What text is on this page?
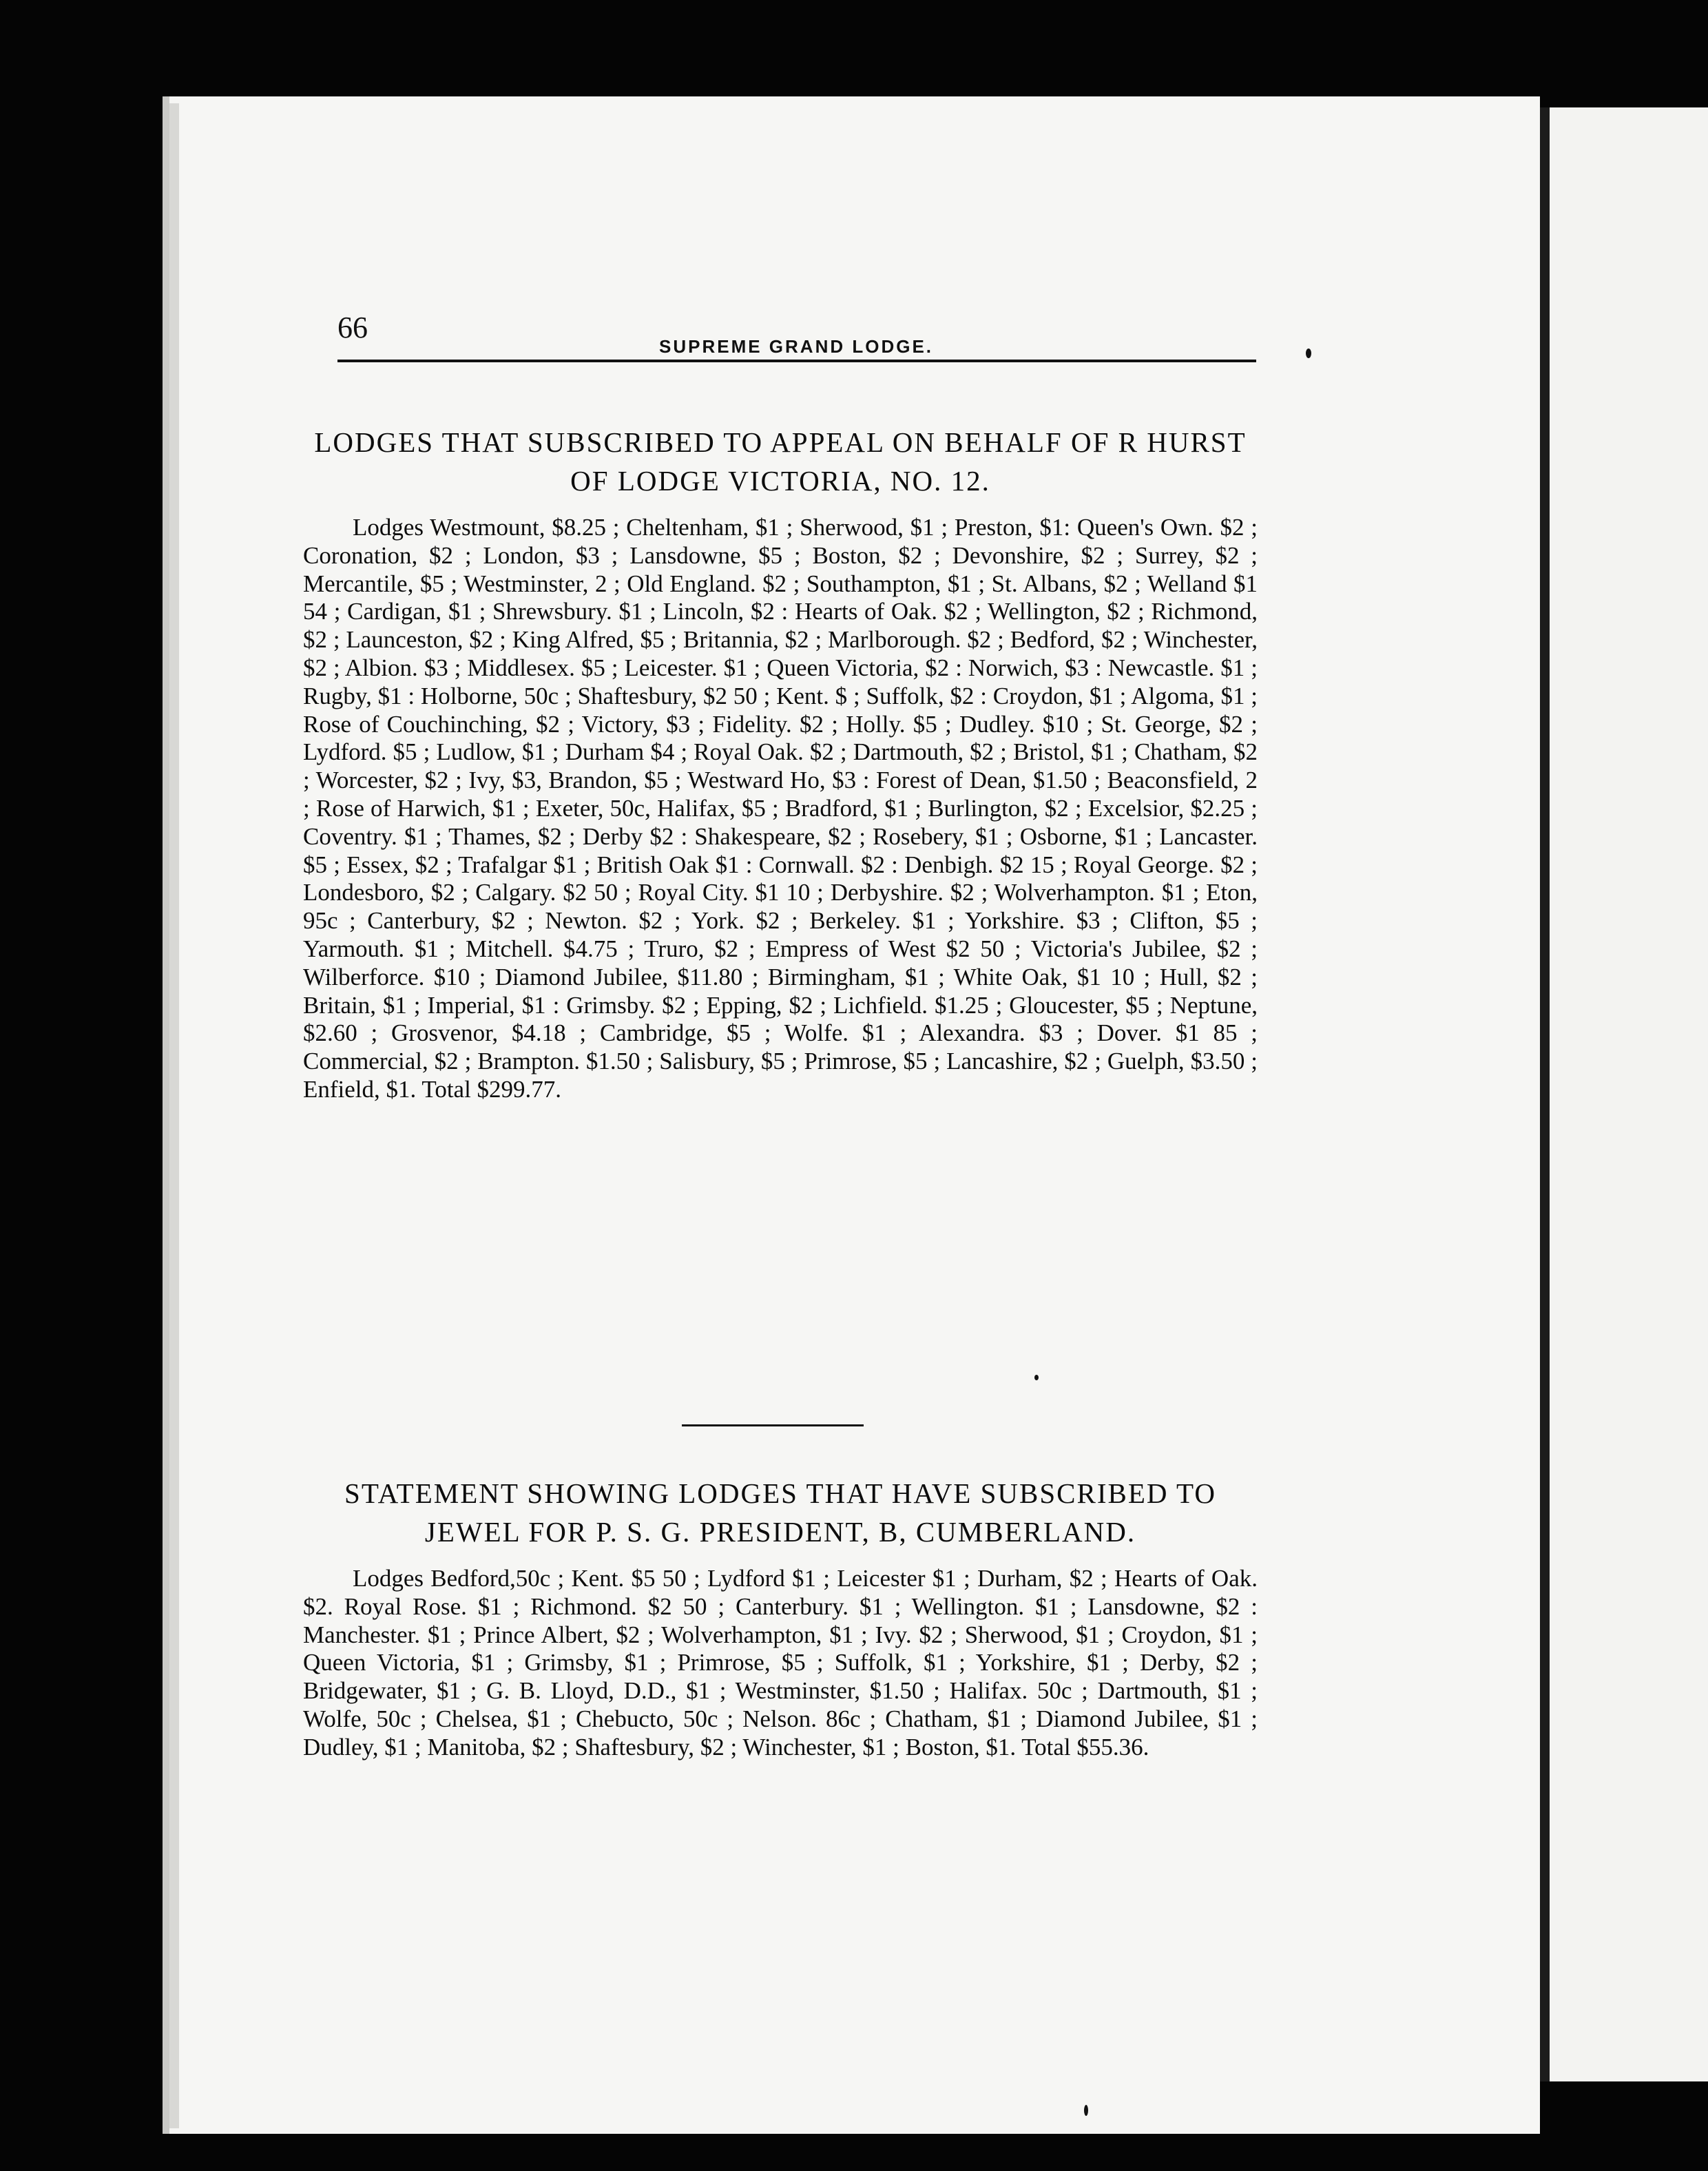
66
SUPREME GRAND LODGE.
LODGES THAT SUBSCRIBED TO APPEAL ON BEHALF OF R HURST OF LODGE VICTORIA, NO. 12.

Lodges Westmount, $8.25 ; Cheltenham, $1 ; Sherwood, $1 ; Preston, $1: Queen's Own. $2 ; Coronation, $2 ; London, $3 ; Lansdowne, $5 ; Boston, $2 ; Devonshire, $2 ; Surrey, $2 ; Mercantile, $5 ; Westminster, 2 ; Old England. $2 ; Southampton, $1 ; St. Albans, $2 ; Welland $1 54 ; Cardigan, $1 ; Shrewsbury. $1 ; Lincoln, $2 : Hearts of Oak. $2 ; Wellington, $2 ; Richmond, $2 ; Launceston, $2 ; King Alfred, $5 ; Britannia, $2 ; Marlborough. $2 ; Bedford, $2 ; Winchester, $2 ; Albion. $3 ; Middlesex. $5 ; Leicester. $1 ; Queen Victoria, $2 : Norwich, $3 : Newcastle. $1 ; Rugby, $1 : Holborne, 50c ; Shaftesbury, $2 50 ; Kent. $ ; Suffolk, $2 : Croydon, $1 ; Algoma, $1 ; Rose of Couchinching, $2 ; Victory, $3 ; Fidelity. $2 ; Holly. $5 ; Dudley. $10 ; St. George, $2 ; Lydford. $5 ; Ludlow, $1 ; Durham $4 ; Royal Oak. $2 ; Dartmouth, $2 ; Bristol, $1 ; Chatham, $2 ; Worcester, $2 ; Ivy, $3, Brandon, $5 ; Westward Ho, $3 : Forest of Dean, $1.50 ; Beaconsfield, 2 ; Rose of Harwich, $1 ; Exeter, 50c, Halifax, $5 ; Bradford, $1 ; Burlington, $2 ; Excelsior, $2.25 ; Coventry. $1 ; Thames, $2 ; Derby $2 : Shakespeare, $2 ; Rosebery, $1 ; Osborne, $1 ; Lancaster. $5 ; Essex, $2 ; Trafalgar $1 ; British Oak $1 : Cornwall. $2 : Denbigh. $2 15 ; Royal George. $2 ; Londesboro, $2 ; Calgary. $2 50 ; Royal City. $1 10 ; Derbyshire. $2 ; Wolverhampton. $1 ; Eton, 95c ; Canterbury, $2 ; Newton. $2 ; York. $2 ; Berkeley. $1 ; Yorkshire. $3 ; Clifton, $5 ; Yarmouth. $1 ; Mitchell. $4.75 ; Truro, $2 ; Empress of West $2 50 ; Victoria's Jubilee, $2 ; Wilberforce. $10 ; Diamond Jubilee, $11.80 ; Birmingham, $1 ; White Oak, $1 10 ; Hull, $2 ; Britain, $1 ; Imperial, $1 : Grimsby. $2 ; Epping, $2 ; Lichfield. $1.25 ; Gloucester, $5 ; Neptune, $2.60 ; Grosvenor, $4.18 ; Cambridge, $5 ; Wolfe. $1 ; Alexandra. $3 ; Dover. $1 85 ; Commercial, $2 ; Brampton. $1.50 ; Salisbury, $5 ; Primrose, $5 ; Lancashire, $2 ; Guelph, $3.50 ; Enfield, $1. Total $299.77.

STATEMENT SHOWING LODGES THAT HAVE SUBSCRIBED TO JEWEL FOR P. S. G. PRESIDENT, B, CUMBERLAND.

Lodges Bedford,50c ; Kent. $5 50 ; Lydford $1 ; Leicester $1 ; Durham, $2 ; Hearts of Oak. $2. Royal Rose. $1 ; Richmond. $2 50 ; Canterbury. $1 ; Wellington. $1 ; Lansdowne, $2 : Manchester. $1 ; Prince Albert, $2 ; Wolverhampton, $1 ; Ivy. $2 ; Sherwood, $1 ; Croydon, $1 ; Queen Victoria, $1 ; Grimsby, $1 ; Primrose, $5 ; Suffolk, $1 ; Yorkshire, $1 ; Derby, $2 ; Bridgewater, $1 ; G. B. Lloyd, D.D., $1 ; Westminster, $1.50 ; Halifax. 50c ; Dartmouth, $1 ; Wolfe, 50c ; Chelsea, $1 ; Chebucto, 50c ; Nelson. 86c ; Chatham, $1 ; Diamond Jubilee, $1 ; Dudley, $1 ; Manitoba, $2 ; Shaftesbury, $2 ; Winchester, $1 ; Boston, $1. Total $55.36.
